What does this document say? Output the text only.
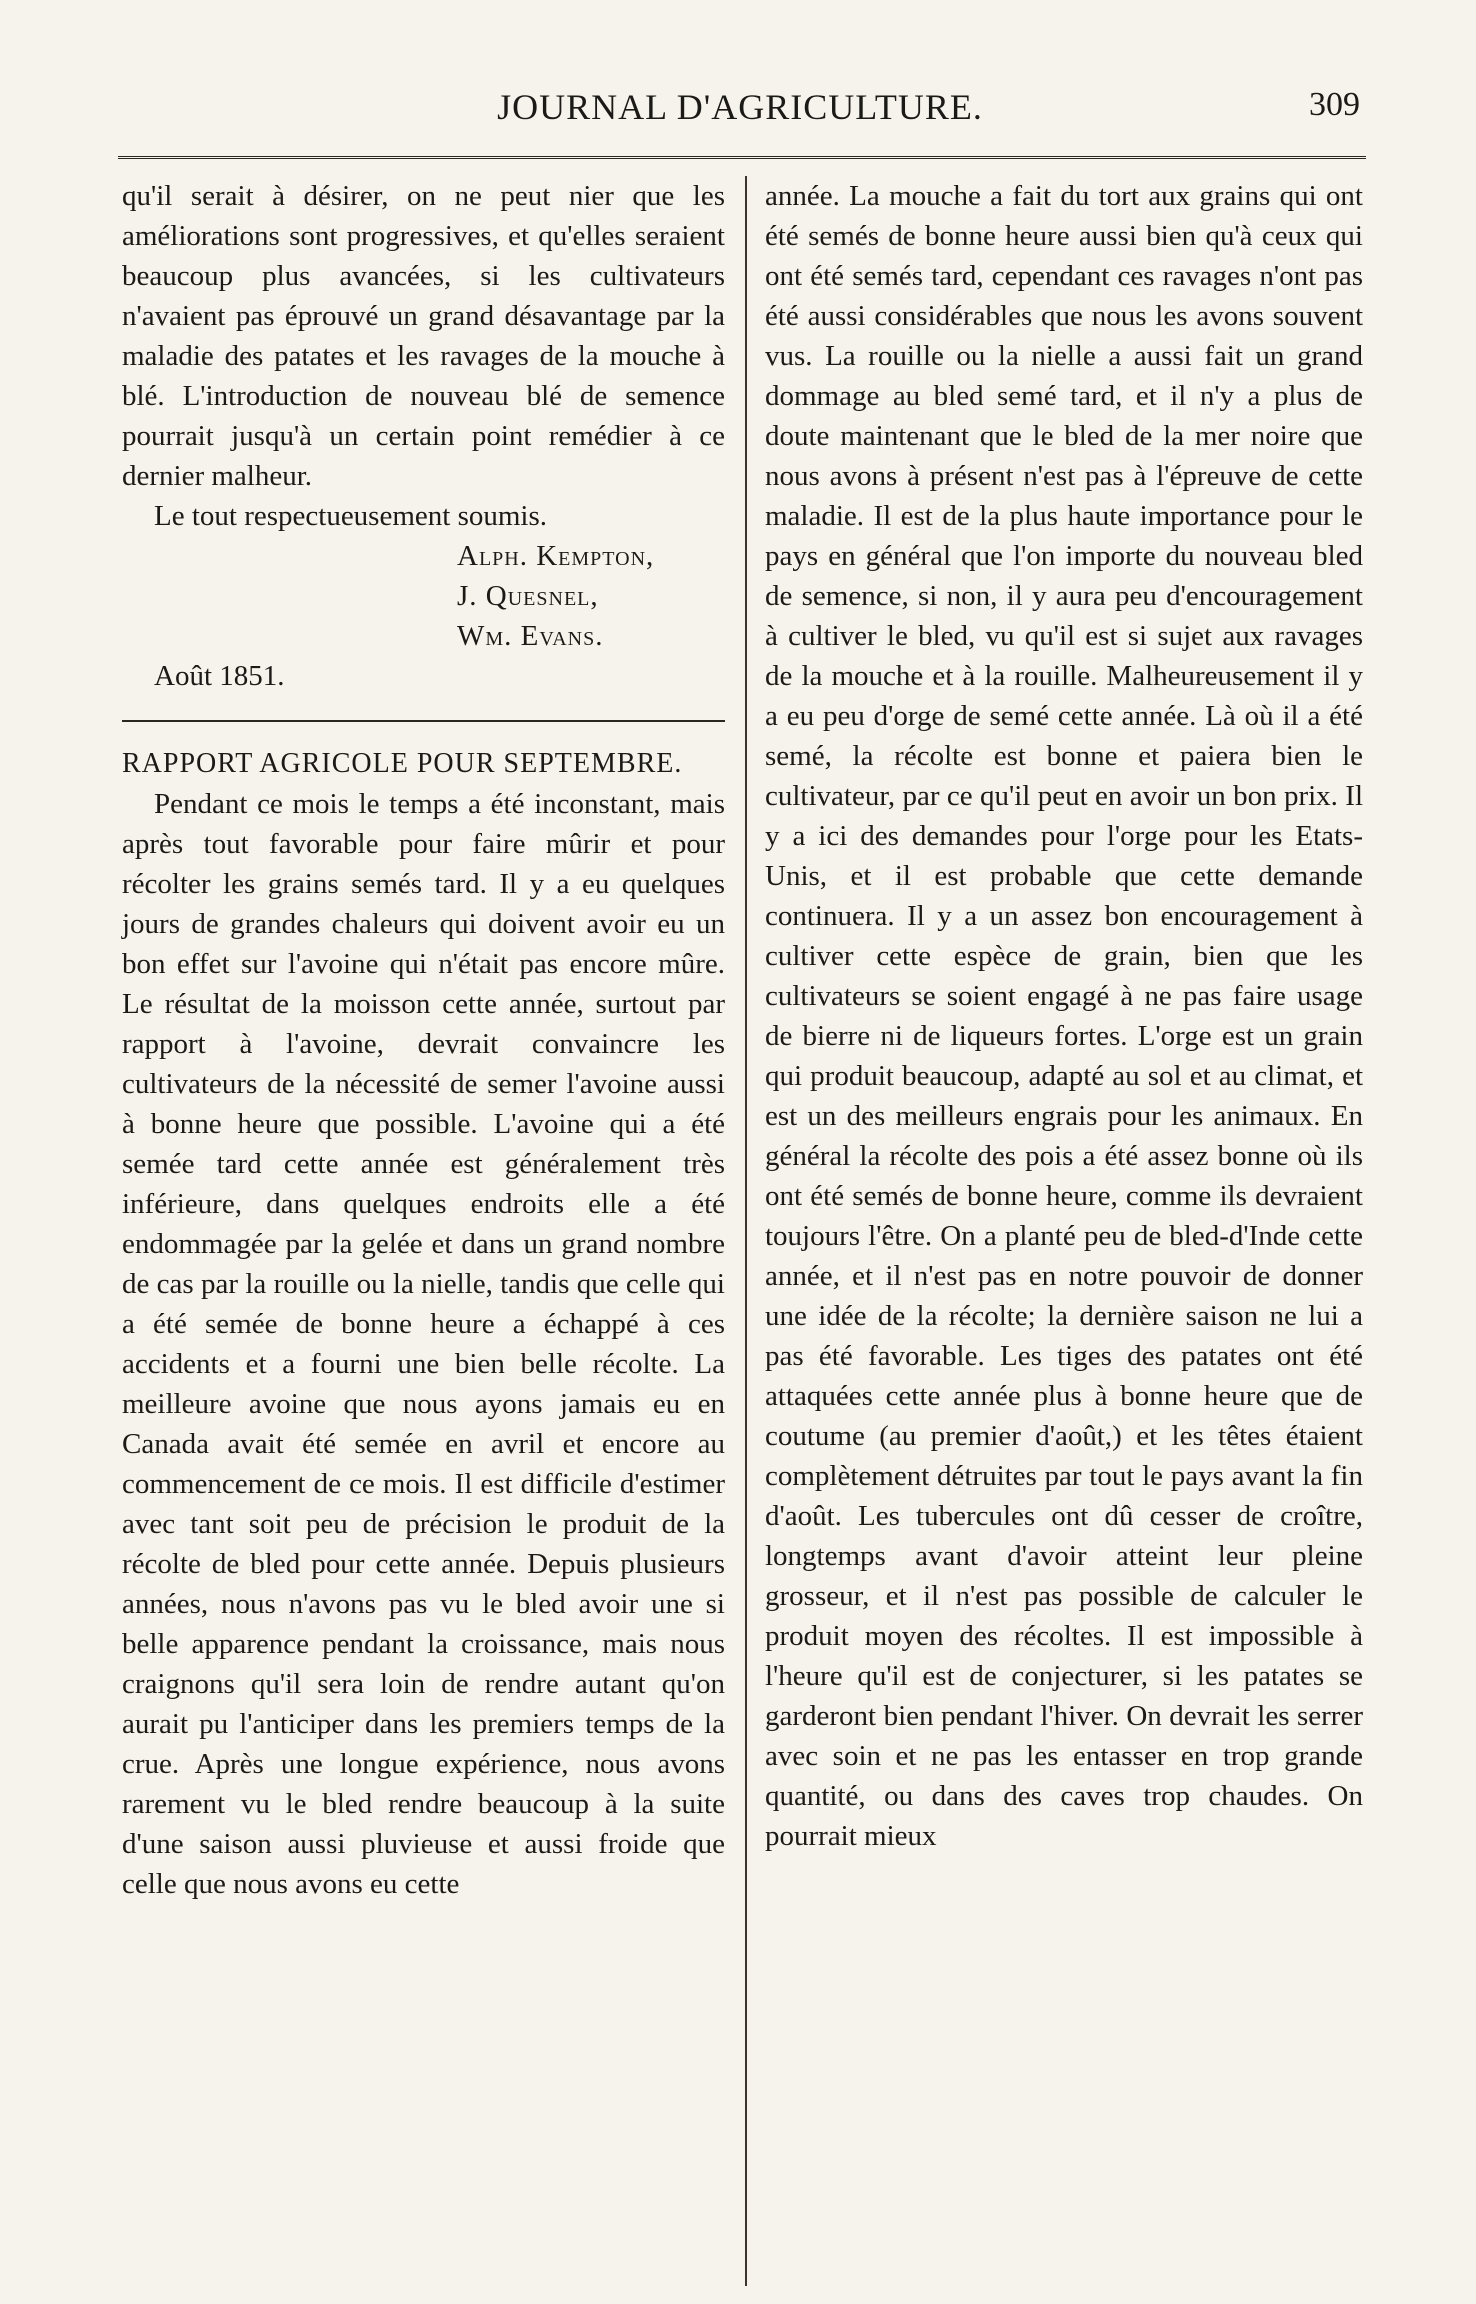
JOURNAL D'AGRICULTURE.	309

qu'il serait à désirer, on ne peut nier que les améliorations sont progressives, et qu'elles seraient beaucoup plus avancées, si les cultivateurs n'avaient pas éprouvé un grand désavantage par la maladie des patates et les ravages de la mouche à blé. L'introduction de nouveau blé de semence pourrait jusqu'à un certain point remédier à ce dernier malheur.

Le tout respectueusement soumis.

Alph. Kempton,

J. Quesnel,

Wm. Evans.

Août 1851.

RAPPORT AGRICOLE POUR SEPTEMBRE.

Pendant ce mois le temps a été inconstant, mais après tout favorable pour faire mûrir et pour récolter les grains semés tard. Il y a eu quelques jours de grandes chaleurs qui doivent avoir eu un bon effet sur l'avoine qui n'était pas encore mûre. Le résultat de la moisson cette année, surtout par rapport à l'avoine, devrait convaincre les cultivateurs de la nécessité de semer l'avoine aussi à bonne heure que possible. L'avoine qui a été semée tard cette année est généralement très inférieure, dans quelques endroits elle a été endommagée par la gelée et dans un grand nombre de cas par la rouille ou la nielle, tandis que celle qui a été semée de bonne heure a échappé à ces accidents et a fourni une bien belle récolte. La meilleure avoine que nous ayons jamais eu en Canada avait été semée en avril et encore au commencement de ce mois. Il est difficile d'estimer avec tant soit peu de précision le produit de la récolte de bled pour cette année. Depuis plusieurs années, nous n'avons pas vu le bled avoir une si belle apparence pendant la croissance, mais nous craignons qu'il sera loin de rendre autant qu'on aurait pu l'anticiper dans les premiers temps de la crue. Après une longue expérience, nous avons rarement vu le bled rendre beaucoup à la suite d'une saison aussi pluvieuse et aussi froide que celle que nous avons eu cette

année. La mouche a fait du tort aux grains qui ont été semés de bonne heure aussi bien qu'à ceux qui ont été semés tard, cependant ces ravages n'ont pas été aussi considérables que nous les avons souvent vus. La rouille ou la nielle a aussi fait un grand dommage au bled semé tard, et il n'y a plus de doute maintenant que le bled de la mer noire que nous avons à présent n'est pas à l'épreuve de cette maladie. Il est de la plus haute importance pour le pays en général que l'on importe du nouveau bled de semence, si non, il y aura peu d'encouragement à cultiver le bled, vu qu'il est si sujet aux ravages de la mouche et à la rouille. Malheureusement il y a eu peu d'orge de semé cette année. Là où il a été semé, la récolte est bonne et paiera bien le cultivateur, par ce qu'il peut en avoir un bon prix. Il y a ici des demandes pour l'orge pour les Etats-Unis, et il est probable que cette demande continuera. Il y a un assez bon encouragement à cultiver cette espèce de grain, bien que les cultivateurs se soient engagé à ne pas faire usage de bierre ni de liqueurs fortes. L'orge est un grain qui produit beaucoup, adapté au sol et au climat, et est un des meilleurs engrais pour les animaux. En général la récolte des pois a été assez bonne où ils ont été semés de bonne heure, comme ils devraient toujours l'être. On a planté peu de bled-d'Inde cette année, et il n'est pas en notre pouvoir de donner une idée de la récolte; la dernière saison ne lui a pas été favorable. Les tiges des patates ont été attaquées cette année plus à bonne heure que de coutume (au premier d'août,) et les têtes étaient complètement détruites par tout le pays avant la fin d'août. Les tubercules ont dû cesser de croître, longtemps avant d'avoir atteint leur pleine grosseur, et il n'est pas possible de calculer le produit moyen des récoltes. Il est impossible à l'heure qu'il est de conjecturer, si les patates se garderont bien pendant l'hiver. On devrait les serrer avec soin et ne pas les entasser en trop grande quantité, ou dans des caves trop chaudes. On pourrait mieux
